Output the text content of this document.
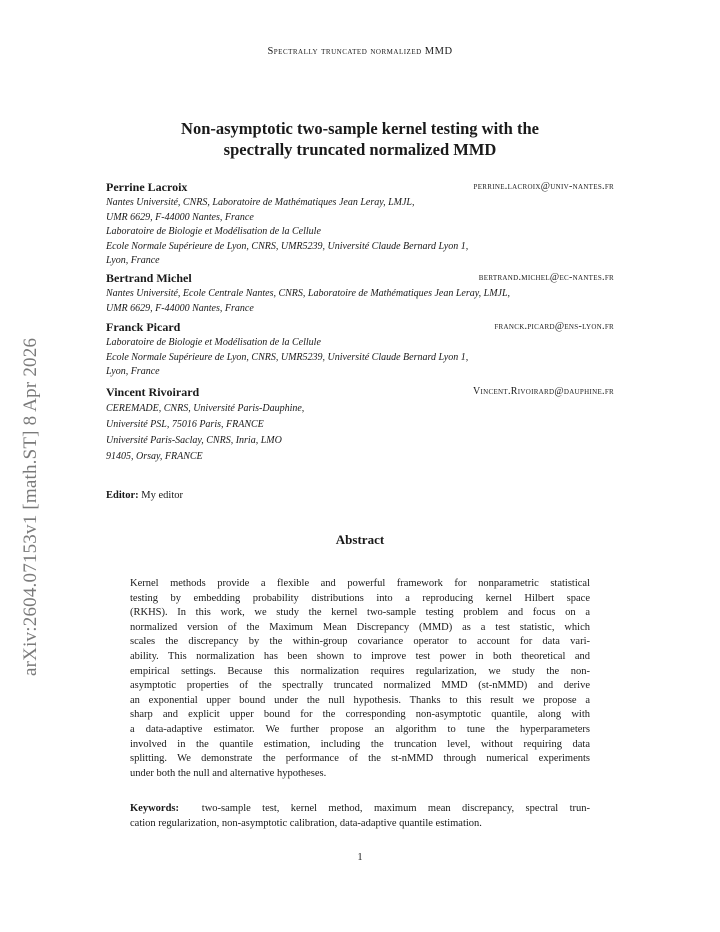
Spectrally truncated normalized MMD
arXiv:2604.07153v1 [math.ST] 8 Apr 2026
Non-asymptotic two-sample kernel testing with the
spectrally truncated normalized MMD
Perrine Lacroix	perrine.lacroix@univ-nantes.fr
Nantes Université, CNRS, Laboratoire de Mathématiques Jean Leray, LMJL,
UMR 6629, F-44000 Nantes, France
Laboratoire de Biologie et Modélisation de la Cellule
Ecole Normale Supérieure de Lyon, CNRS, UMR5239, Université Claude Bernard Lyon 1,
Lyon, France
Bertrand Michel	bertrand.michel@ec-nantes.fr
Nantes Université, Ecole Centrale Nantes, CNRS, Laboratoire de Mathématiques Jean Leray, LMJL,
UMR 6629, F-44000 Nantes, France
Franck Picard	franck.picard@ens-lyon.fr
Laboratoire de Biologie et Modélisation de la Cellule
Ecole Normale Supérieure de Lyon, CNRS, UMR5239, Université Claude Bernard Lyon 1,
Lyon, France
Vincent Rivoirard	Vincent.Rivoirard@dauphine.fr
CEREMADE, CNRS, Université Paris-Dauphine,
Université PSL, 75016 Paris, FRANCE
Université Paris-Saclay, CNRS, Inria, LMO
91405, Orsay, FRANCE
Editor: My editor
Abstract
Kernel methods provide a flexible and powerful framework for nonparametric statistical
testing by embedding probability distributions into a reproducing kernel Hilbert space
(RKHS). In this work, we study the kernel two-sample testing problem and focus on a
normalized version of the Maximum Mean Discrepancy (MMD) as a test statistic, which
scales the discrepancy by the within-group covariance operator to account for data vari-
ability. This normalization has been shown to improve test power in both theoretical and
empirical settings. Because this normalization requires regularization, we study the non-
asymptotic properties of the spectrally truncated normalized MMD (st-nMMD) and derive
an exponential upper bound under the null hypothesis. Thanks to this result we propose a
sharp and explicit upper bound for the corresponding non-asymptotic quantile, along with
a data-adaptive estimator. We further propose an algorithm to tune the hyperparameters
involved in the quantile estimation, including the truncation level, without requiring data
splitting. We demonstrate the performance of the st-nMMD through numerical experiments
under both the null and alternative hypotheses.
Keywords: two-sample test, kernel method, maximum mean discrepancy, spectral trun-
cation regularization, non-asymptotic calibration, data-adaptive quantile estimation.
1
